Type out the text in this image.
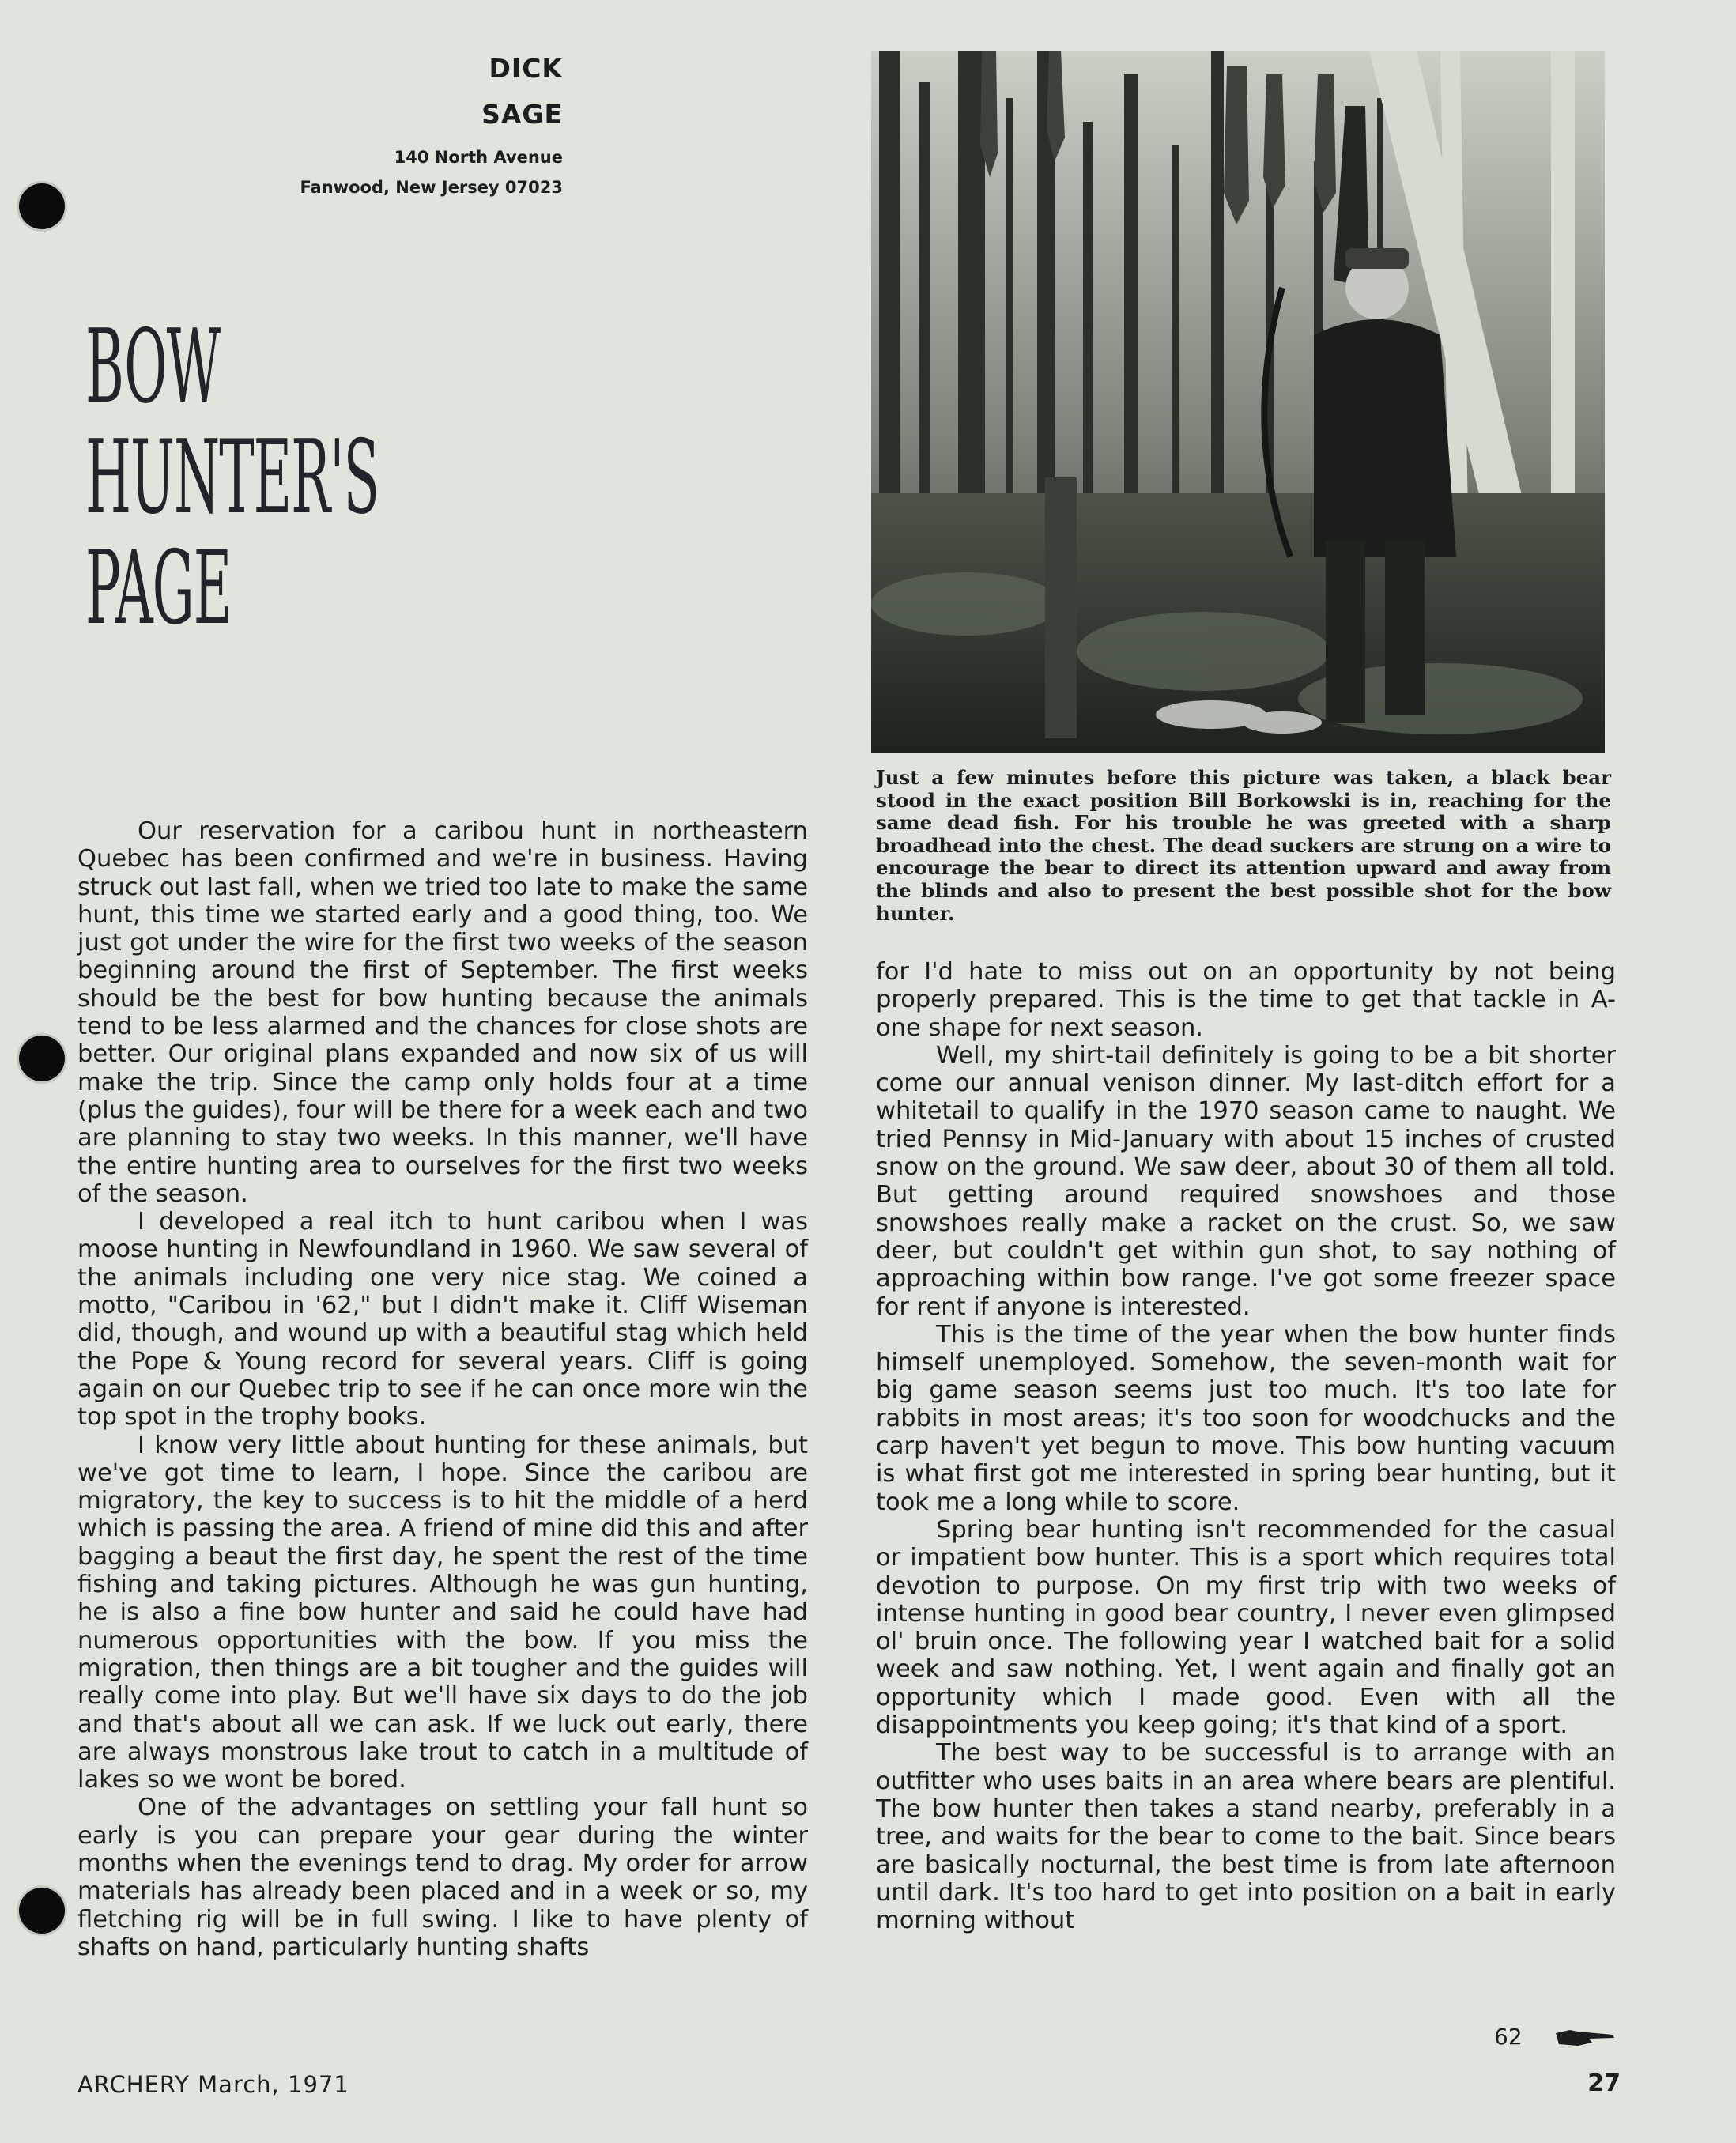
DICK
SAGE
140 North Avenue
Fanwood, New Jersey 07023
BOW
HUNTER'S
PAGE
Just a few minutes before this picture was taken, a black bear stood in the exact position Bill Borkowski is in, reaching for the same dead fish. For his trouble he was greeted with a sharp broadhead into the chest. The dead suckers are strung on a wire to encourage the bear to direct its attention upward and away from the blinds and also to present the best possible shot for the bow hunter.

Our reservation for a caribou hunt in northeastern Quebec has been confirmed and we're in business. Having struck out last fall, when we tried too late to make the same hunt, this time we started early and a good thing, too. We just got under the wire for the first two weeks of the season beginning around the first of September. The first weeks should be the best for bow hunting because the animals tend to be less alarmed and the chances for close shots are better. Our original plans expanded and now six of us will make the trip. Since the camp only holds four at a time (plus the guides), four will be there for a week each and two are planning to stay two weeks. In this manner, we'll have the entire hunting area to ourselves for the first two weeks of the season.

I developed a real itch to hunt caribou when I was moose hunting in Newfoundland in 1960. We saw several of the animals including one very nice stag. We coined a motto, "Caribou in '62," but I didn't make it. Cliff Wiseman did, though, and wound up with a beautiful stag which held the Pope & Young record for several years. Cliff is going again on our Quebec trip to see if he can once more win the top spot in the trophy books.

I know very little about hunting for these animals, but we've got time to learn, I hope. Since the caribou are migratory, the key to success is to hit the middle of a herd which is passing the area. A friend of mine did this and after bagging a beaut the first day, he spent the rest of the time fishing and taking pictures. Although he was gun hunting, he is also a fine bow hunter and said he could have had numerous opportunities with the bow. If you miss the migration, then things are a bit tougher and the guides will really come into play. But we'll have six days to do the job and that's about all we can ask. If we luck out early, there are always monstrous lake trout to catch in a multitude of lakes so we wont be bored.

One of the advantages on settling your fall hunt so early is you can prepare your gear during the winter months when the evenings tend to drag. My order for arrow materials has already been placed and in a week or so, my fletching rig will be in full swing. I like to have plenty of shafts on hand, particularly hunting shafts

for I'd hate to miss out on an opportunity by not being properly prepared. This is the time to get that tackle in A-one shape for next season.

Well, my shirt-tail definitely is going to be a bit shorter come our annual venison dinner. My last-ditch effort for a whitetail to qualify in the 1970 season came to naught. We tried Pennsy in Mid-January with about 15 inches of crusted snow on the ground. We saw deer, about 30 of them all told. But getting around required snowshoes and those snowshoes really make a racket on the crust. So, we saw deer, but couldn't get within gun shot, to say nothing of approaching within bow range. I've got some freezer space for rent if anyone is interested.

This is the time of the year when the bow hunter finds himself unemployed. Somehow, the seven-month wait for big game season seems just too much. It's too late for rabbits in most areas; it's too soon for woodchucks and the carp haven't yet begun to move. This bow hunting vacuum is what first got me interested in spring bear hunting, but it took me a long while to score.

Spring bear hunting isn't recommended for the casual or impatient bow hunter. This is a sport which requires total devotion to purpose. On my first trip with two weeks of intense hunting in good bear country, I never even glimpsed ol' bruin once. The following year I watched bait for a solid week and saw nothing. Yet, I went again and finally got an opportunity which I made good. Even with all the disappointments you keep going; it's that kind of a sport.

The best way to be successful is to arrange with an outfitter who uses baits in an area where bears are plentiful. The bow hunter then takes a stand nearby, preferably in a tree, and waits for the bear to come to the bait. Since bears are basically nocturnal, the best time is from late afternoon until dark. It's too hard to get into position on a bait in early morning without

62
ARCHERY March, 1971	27
